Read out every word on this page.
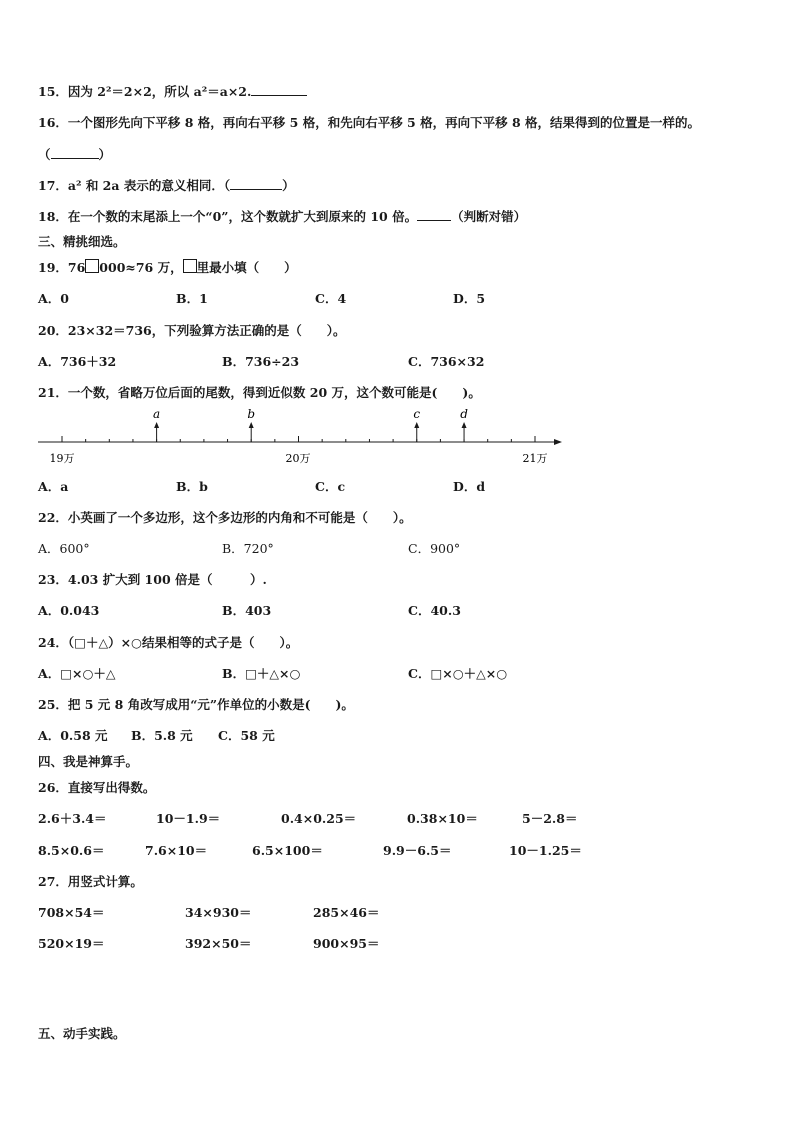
15．因为 2²＝2×2，所以 a²＝a×2.
16．一个图形先向下平移 8 格，再向右平移 5 格，和先向右平移 5 格，再向下平移 8 格，结果得到的位置是一样的。
（	）
17．a² 和 2a 表示的意义相同．（	）
18．在一个数的末尾添上一个“0”，这个数就扩大到原来的 10 倍。	（判断对错）
三、精挑细选。
19．76 000≈76 万， 里最小填（　　）
A．0	B．1	C．4	D．5
20．23×32＝736，下列验算方法正确的是（　　）。
A．736＋32	B．736÷23	C．736×32
21．一个数，省略万位后面的尾数，得到近似数 20 万，这个数可能是(　　)。
a	b	c	d
19万	20万	21万
A．a	B．b	C．c	D．d
22．小英画了一个多边形，这个多边形的内角和不可能是（　　）。
A．600°	B．720°	C．900°
23．4.03 扩大到 100 倍是（　　　）.
A．0.043	B．403	C．40.3
24．（□＋△）×○结果相等的式子是（　　）。
A．□×○＋△	B．□＋△×○	C．□×○＋△×○
25．把 5 元 8 角改写成用“元”作单位的小数是(　　)。
A．0.58 元 B．5.8 元 C．58 元
四、我是神算手。
26．直接写出得数。
2.6＋3.4＝	10－1.9＝	0.4×0.25＝	0.38×10＝	5－2.8＝
8.5×0.6＝	7.6×10＝	6.5×100＝	9.9－6.5＝	10－1.25＝
27．用竖式计算。
708×54＝	34×930＝	285×46＝
520×19＝	392×50＝	900×95＝
五、动手实践。
